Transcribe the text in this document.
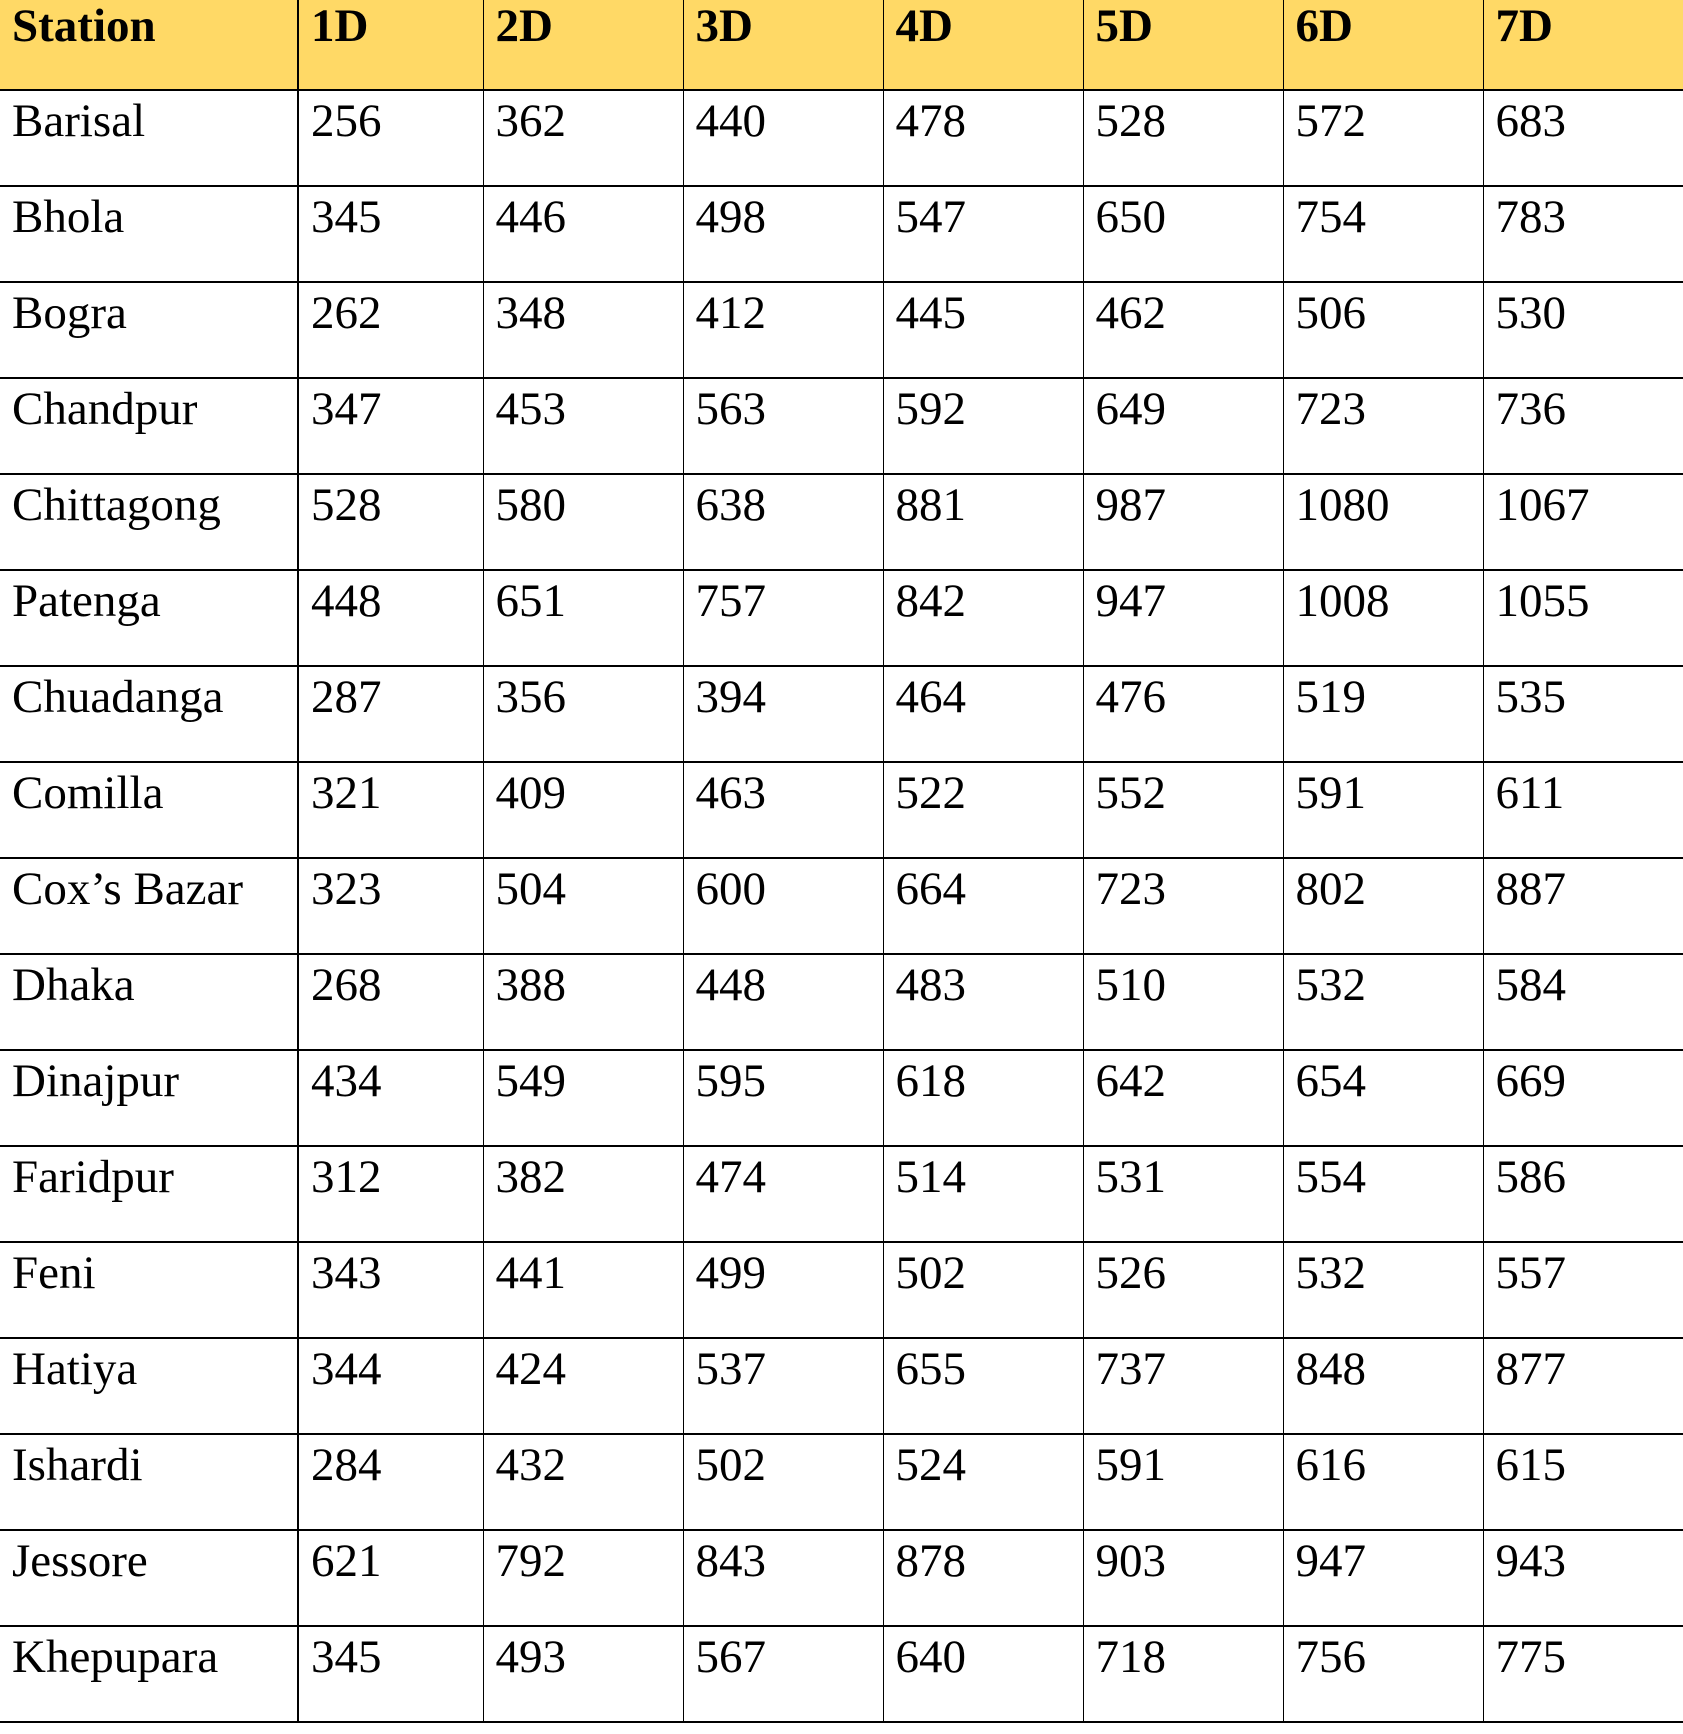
Station	1D	2D	3D	4D	5D	6D	7D
Barisal	256	362	440	478	528	572	683
Bhola	345	446	498	547	650	754	783
Bogra	262	348	412	445	462	506	530
Chandpur	347	453	563	592	649	723	736
Chittagong	528	580	638	881	987	1080	1067
Patenga	448	651	757	842	947	1008	1055
Chuadanga	287	356	394	464	476	519	535
Comilla	321	409	463	522	552	591	611
Cox’s Bazar	323	504	600	664	723	802	887
Dhaka	268	388	448	483	510	532	584
Dinajpur	434	549	595	618	642	654	669
Faridpur	312	382	474	514	531	554	586
Feni	343	441	499	502	526	532	557
Hatiya	344	424	537	655	737	848	877
Ishardi	284	432	502	524	591	616	615
Jessore	621	792	843	878	903	947	943
Khepupara	345	493	567	640	718	756	775
